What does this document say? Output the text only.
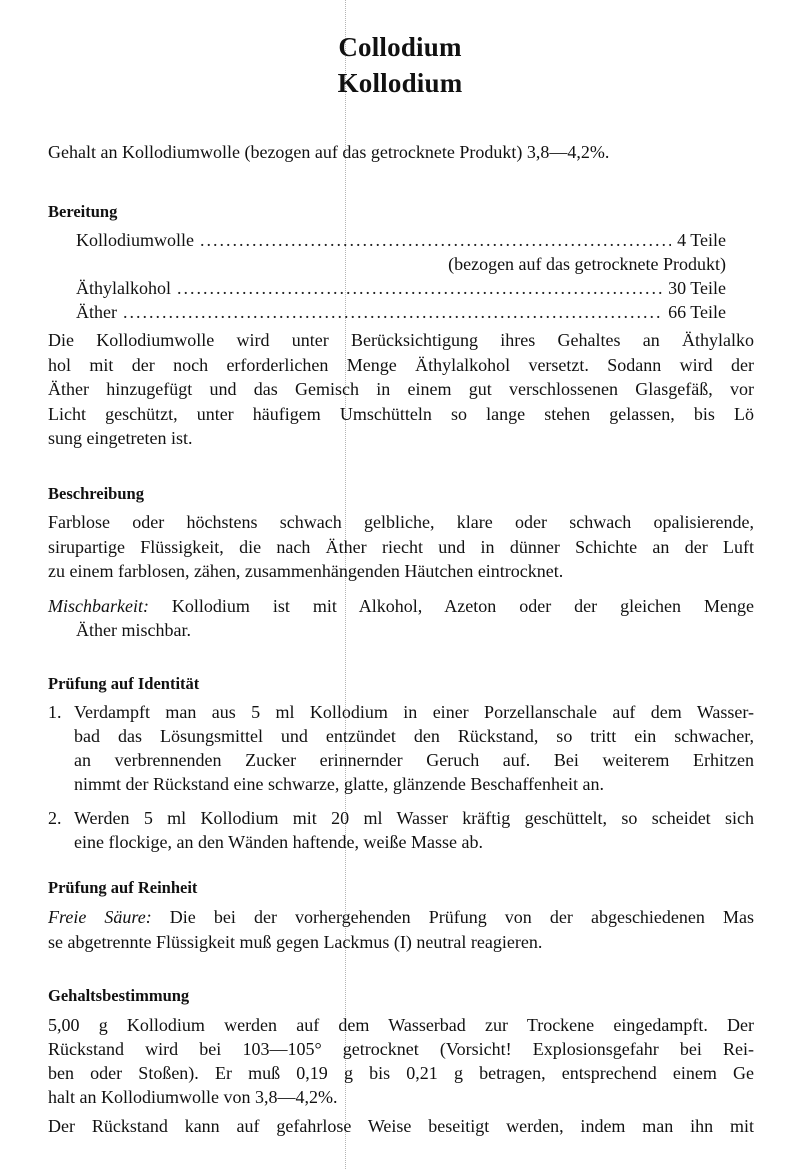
Collodium
Kollodium
Gehalt an Kollodiumwolle (bezogen auf das getrocknete Produkt) 3,8—4,2%.
Bereitung
Kollodiumwolle .....	4 Teile
(bezogen auf das getrocknete Produkt)
Äthylalkohol .....	30 Teile
Äther .....	66 Teile
Die Kollodiumwolle wird unter Berücksichtigung ihres Gehaltes an Äthylalko
hol mit der noch erforderlichen Menge Äthylalkohol versetzt. Sodann wird der
Äther hinzugefügt und das Gemisch in einem gut verschlossenen Glasgefäß, vor
Licht geschützt, unter häufigem Umschütteln so lange stehen gelassen, bis Lö
sung eingetreten ist.
Beschreibung
Farblose oder höchstens schwach gelbliche, klare oder schwach opalisierende,
sirupartige Flüssigkeit, die nach Äther riecht und in dünner Schichte an der Luft
zu einem farblosen, zähen, zusammenhängenden Häutchen eintrocknet.
Mischbarkeit: Kollodium ist mit Alkohol, Azeton oder der gleichen Menge
Äther mischbar.
Prüfung auf Identität
1. Verdampft man aus 5 ml Kollodium in einer Porzellanschale auf dem Wasser-
bad das Lösungsmittel und entzündet den Rückstand, so tritt ein schwacher,
an verbrennenden Zucker erinnernder Geruch auf. Bei weiterem Erhitzen
nimmt der Rückstand eine schwarze, glatte, glänzende Beschaffenheit an.
2. Werden 5 ml Kollodium mit 20 ml Wasser kräftig geschüttelt, so scheidet sich
eine flockige, an den Wänden haftende, weiße Masse ab.
Prüfung auf Reinheit
Freie Säure: Die bei der vorhergehenden Prüfung von der abgeschiedenen Mas
se abgetrennte Flüssigkeit muß gegen Lackmus (I) neutral reagieren.
Gehaltsbestimmung
5,00 g Kollodium werden auf dem Wasserbad zur Trockene eingedampft. Der
Rückstand wird bei 103—105° getrocknet (Vorsicht! Explosionsgefahr bei Rei-
ben oder Stoßen). Er muß 0,19 g bis 0,21 g betragen, entsprechend einem Ge
halt an Kollodiumwolle von 3,8—4,2%.
Der Rückstand kann auf gefahrlose Weise beseitigt werden, indem man ihn mit
